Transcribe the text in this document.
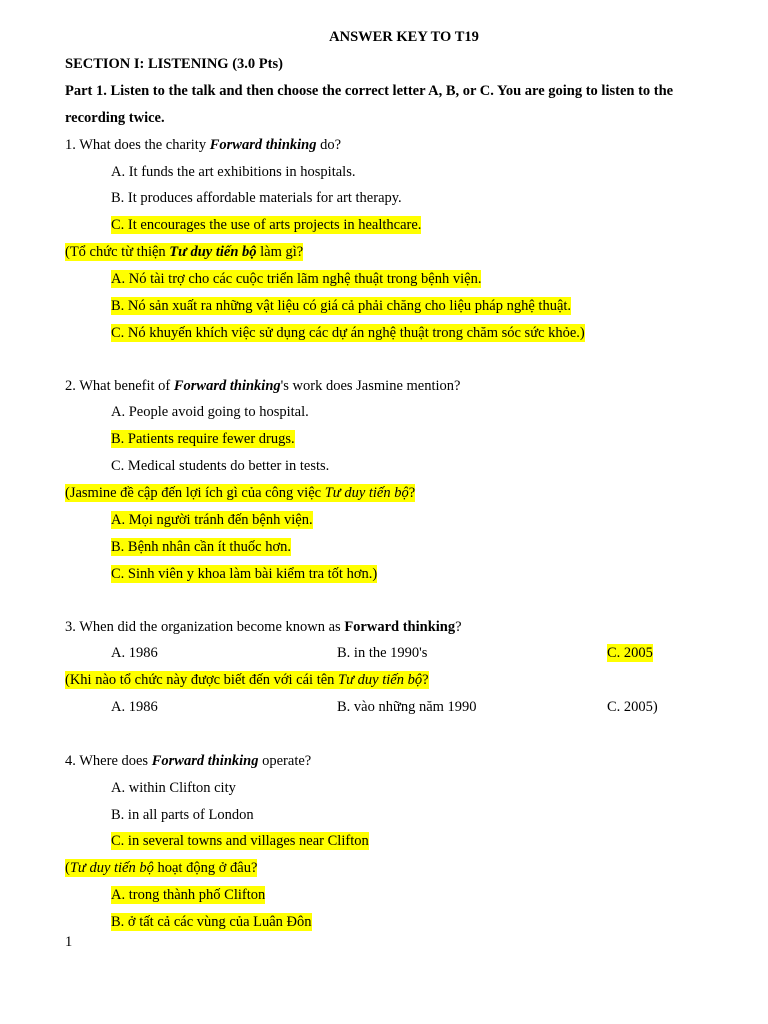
ANSWER KEY TO T19
SECTION I: LISTENING (3.0 Pts)
Part 1. Listen to the talk and then choose the correct letter A, B, or C. You are going to listen to the
recording twice.
1. What does the charity Forward thinking do?
A. It funds the art exhibitions in hospitals.
B. It produces affordable materials for art therapy.
C. It encourages the use of arts projects in healthcare.
(Tổ chức từ thiện Tư duy tiến bộ làm gì?
A. Nó tài trợ cho các cuộc triển lãm nghệ thuật trong bệnh viện.
B. Nó sản xuất ra những vật liệu có giá cả phải chăng cho liệu pháp nghệ thuật.
C. Nó khuyến khích việc sử dụng các dự án nghệ thuật trong chăm sóc sức khỏe.)
2. What benefit of Forward thinking's work does Jasmine mention?
A. People avoid going to hospital.
B. Patients require fewer drugs.
C. Medical students do better in tests.
(Jasmine đề cập đến lợi ích gì của công việc Tư duy tiến bộ?
A. Mọi người tránh đến bệnh viện.
B. Bệnh nhân cần ít thuốc hơn.
C. Sinh viên y khoa làm bài kiểm tra tốt hơn.)
3. When did the organization become known as Forward thinking?
A. 1986	B. in the 1990's	C. 2005
(Khi nào tổ chức này được biết đến với cái tên Tư duy tiến bộ?
A. 1986	B. vào những năm 1990	C. 2005)
4. Where does Forward thinking operate?
A. within Clifton city
B. in all parts of London
C. in several towns and villages near Clifton
(Tư duy tiến bộ hoạt động ở đâu?
A. trong thành phố Clifton
B. ở tất cả các vùng của Luân Đôn
1
